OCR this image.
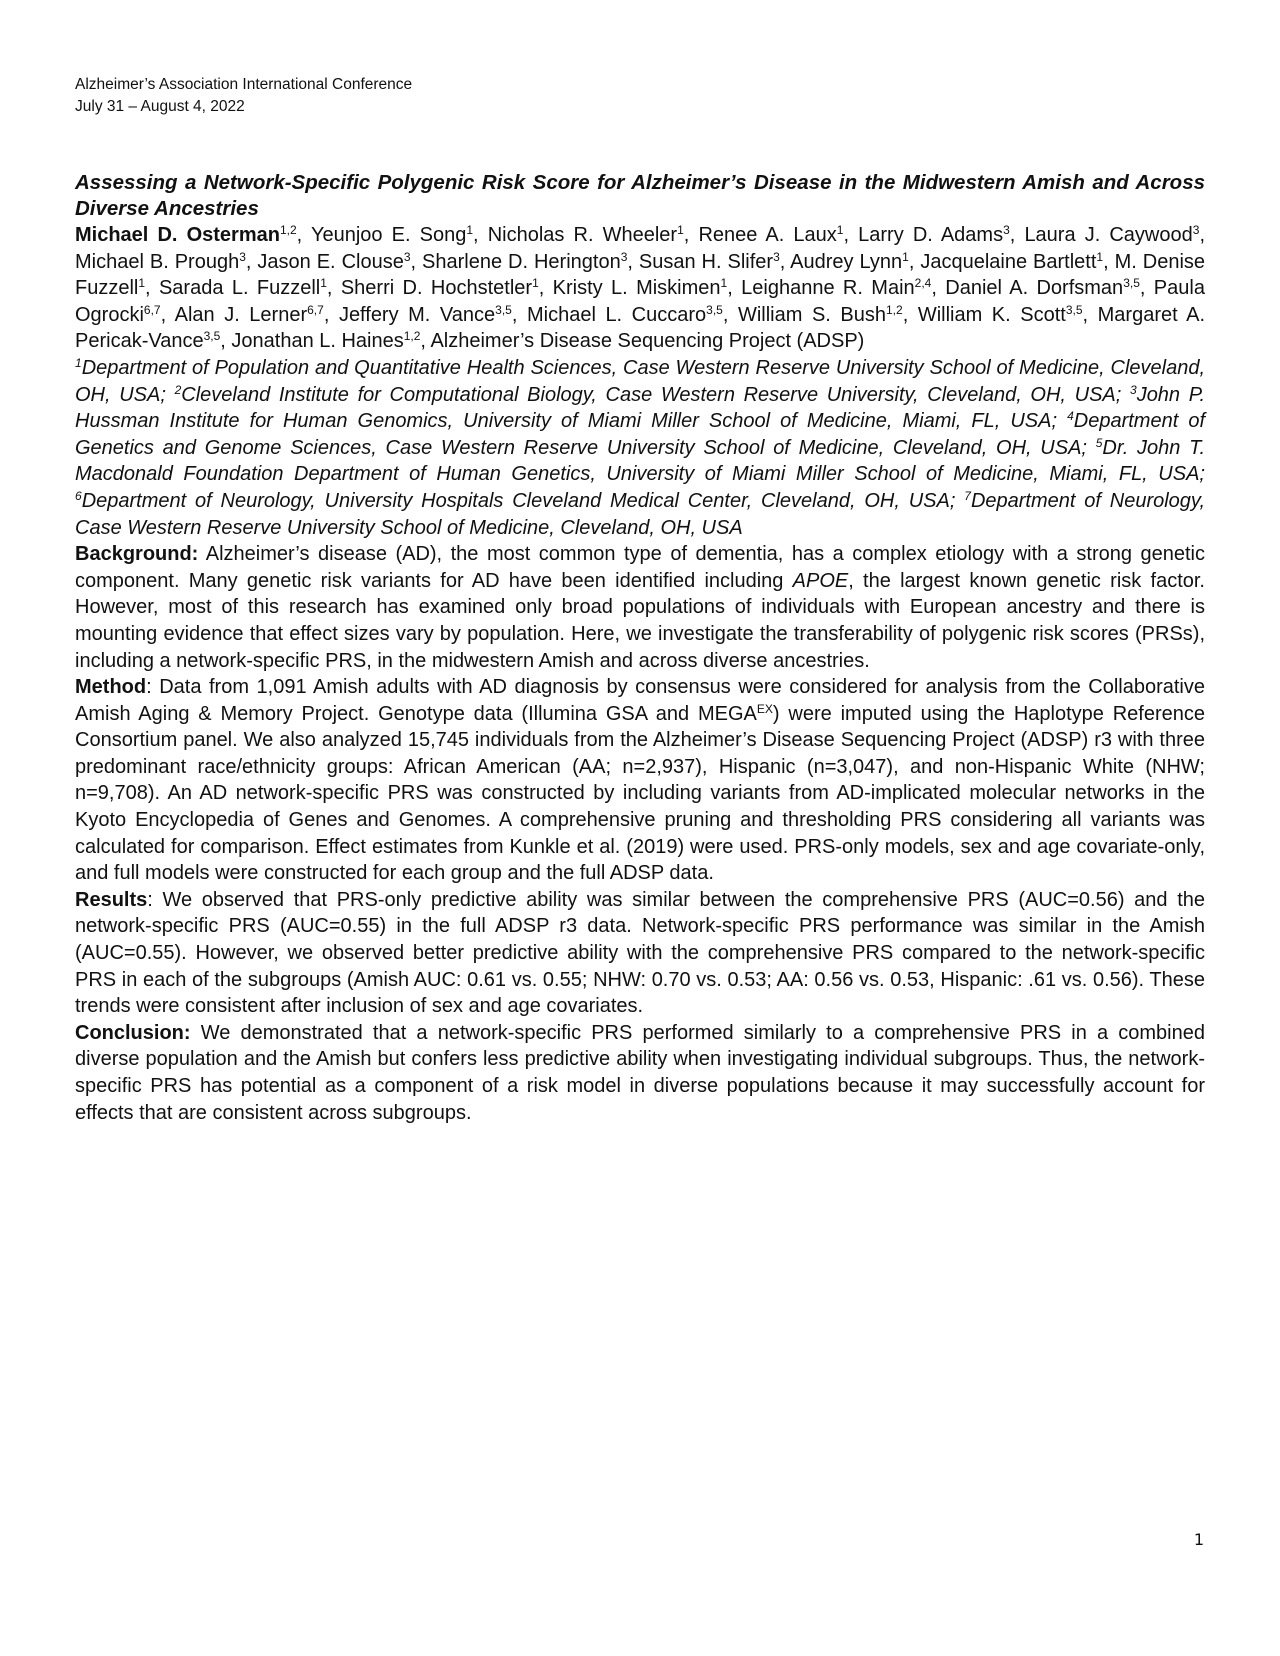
Alzheimer’s Association International Conference
July 31 – August 4, 2022

Assessing a Network-Specific Polygenic Risk Score for Alzheimer’s Disease in the Midwestern Amish and Across Diverse Ancestries

Michael D. Osterman$^{1,2}$, Yeunjoo E. Song$^1$, Nicholas R. Wheeler$^1$, Renee A. Laux$^1$, Larry D. Adams$^3$, Laura J. Caywood$^3$, Michael B. Prough$^3$, Jason E. Clouse$^3$, Sharlene D. Herington$^3$, Susan H. Slifer$^3$, Audrey Lynn$^1$, Jacquelaine Bartlett$^1$, M. Denise Fuzzell$^1$, Sarada L. Fuzzell$^1$, Sherri D. Hochstetler$^1$, Kristy L. Miskimen$^1$, Leighanne R. Main$^{2,4}$, Daniel A. Dorfsman$^{3,5}$, Paula Ogrocki$^{6,7}$, Alan J. Lerner$^{6,7}$, Jeffery M. Vance$^{3,5}$, Michael L. Cuccaro$^{3,5}$, William S. Bush$^{1,2}$, William K. Scott$^{3,5}$, Margaret A. Pericak-Vance$^{3,5}$, Jonathan L. Haines$^{1,2}$, Alzheimer’s Disease Sequencing Project (ADSP)

$^1$Department of Population and Quantitative Health Sciences, Case Western Reserve University School of Medicine, Cleveland, OH, USA; $^2$Cleveland Institute for Computational Biology, Case Western Reserve University, Cleveland, OH, USA; $^3$John P. Hussman Institute for Human Genomics, University of Miami Miller School of Medicine, Miami, FL, USA; $^4$Department of Genetics and Genome Sciences, Case Western Reserve University School of Medicine, Cleveland, OH, USA; $^5$Dr. John T. Macdonald Foundation Department of Human Genetics, University of Miami Miller School of Medicine, Miami, FL, USA; $^6$Department of Neurology, University Hospitals Cleveland Medical Center, Cleveland, OH, USA; $^7$Department of Neurology, Case Western Reserve University School of Medicine, Cleveland, OH, USA

Background: Alzheimer’s disease (AD), the most common type of dementia, has a complex etiology with a strong genetic component. Many genetic risk variants for AD have been identified including APOE, the largest known genetic risk factor. However, most of this research has examined only broad populations of individuals with European ancestry and there is mounting evidence that effect sizes vary by population. Here, we investigate the transferability of polygenic risk scores (PRSs), including a network-specific PRS, in the midwestern Amish and across diverse ancestries.

Method: Data from 1,091 Amish adults with AD diagnosis by consensus were considered for analysis from the Collaborative Amish Aging & Memory Project. Genotype data (Illumina GSA and $MEGA^{EX}$) were imputed using the Haplotype Reference Consortium panel. We also analyzed 15,745 individuals from the Alzheimer’s Disease Sequencing Project (ADSP) r3 with three predominant race/ethnicity groups: African American (AA; n=2,937), Hispanic (n=3,047), and non-Hispanic White (NHW; n=9,708). An AD network-specific PRS was constructed by including variants from AD-implicated molecular networks in the Kyoto Encyclopedia of Genes and Genomes. A comprehensive pruning and thresholding PRS considering all variants was calculated for comparison. Effect estimates from Kunkle et al. (2019) were used. PRS-only models, sex and age covariate-only, and full models were constructed for each group and the full ADSP data.

Results: We observed that PRS-only predictive ability was similar between the comprehensive PRS (AUC=0.56) and the network-specific PRS (AUC=0.55) in the full ADSP r3 data. Network-specific PRS performance was similar in the Amish (AUC=0.55). However, we observed better predictive ability with the comprehensive PRS compared to the network-specific PRS in each of the subgroups (Amish AUC: 0.61 vs. 0.55; NHW: 0.70 vs. 0.53; AA: 0.56 vs. 0.53, Hispanic: .61 vs. 0.56). These trends were consistent after inclusion of sex and age covariates.

Conclusion: We demonstrated that a network-specific PRS performed similarly to a comprehensive PRS in a combined diverse population and the Amish but confers less predictive ability when investigating individual subgroups. Thus, the network-specific PRS has potential as a component of a risk model in diverse populations because it may successfully account for effects that are consistent across subgroups.

1
